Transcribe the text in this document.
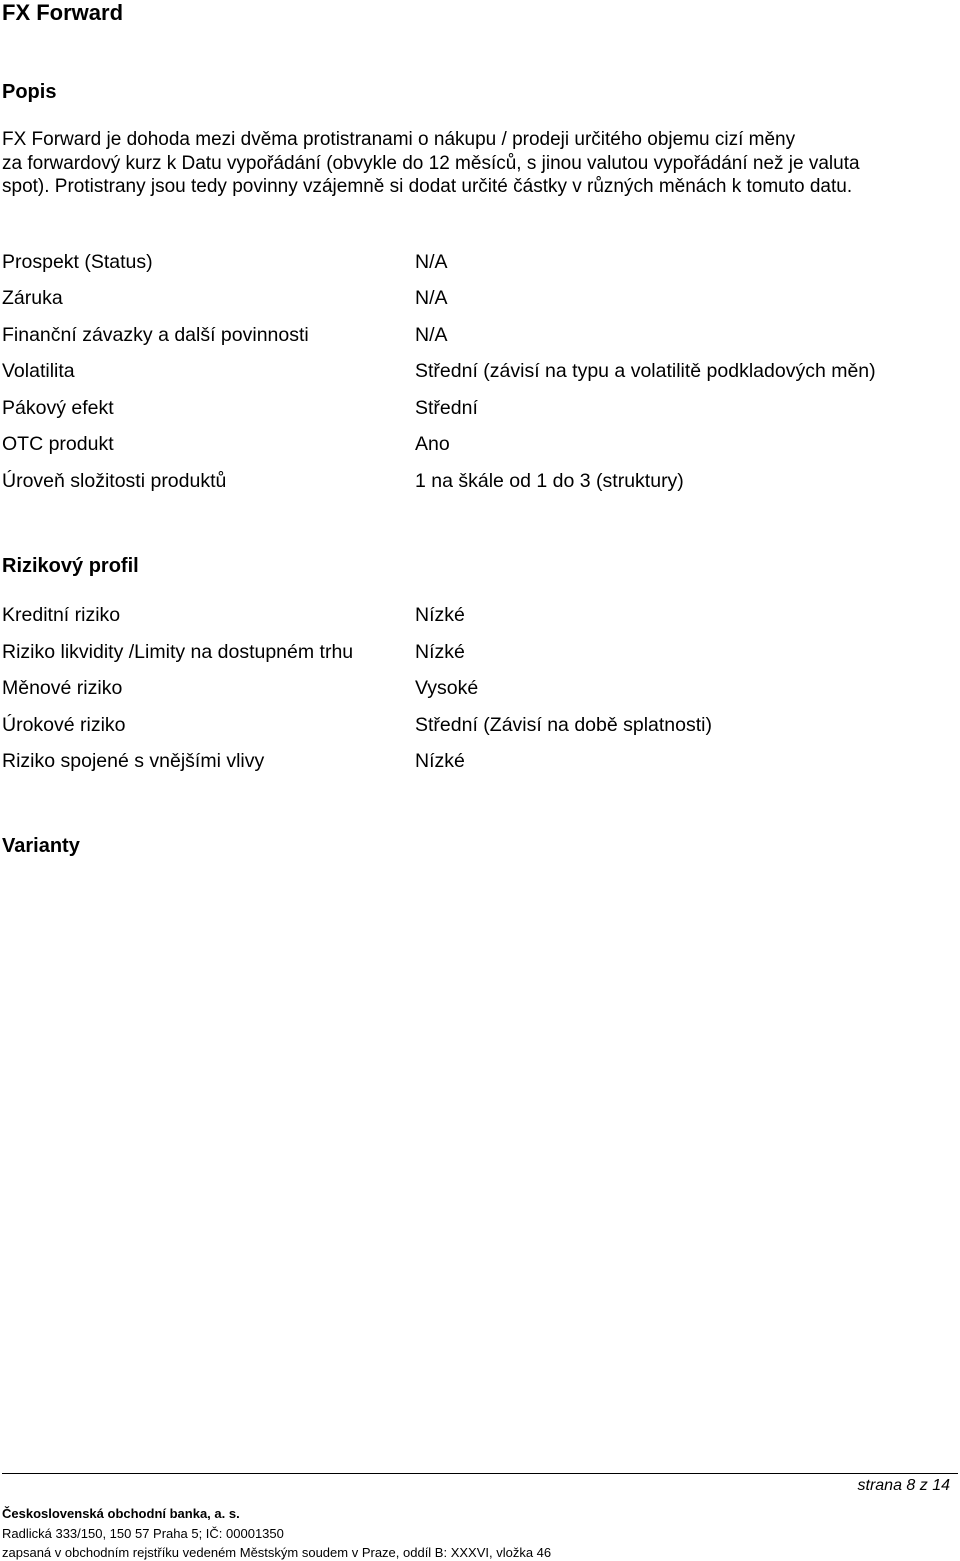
FX Forward
Popis
FX Forward je dohoda mezi dvěma protistranami o nákupu / prodeji určitého objemu cizí měny
za forwardový kurz k Datu vypořádání (obvykle do 12 měsíců, s jinou valutou vypořádání než je valuta
spot). Protistrany jsou tedy povinny vzájemně si dodat určité částky v různých měnách k tomuto datu.
Prospekt (Status)	N/A
Záruka	N/A
Finanční závazky a další povinnosti	N/A
Volatilita	Střední (závisí na typu a volatilitě podkladových měn)
Pákový efekt	Střední
OTC produkt	Ano
Úroveň složitosti produktů	1 na škále od 1 do 3 (struktury)
Rizikový profil
Kreditní riziko	Nízké
Riziko likvidity /Limity na dostupném trhu	Nízké
Měnové riziko	Vysoké
Úrokové riziko	Střední (Závisí na době splatnosti)
Riziko spojené s vnějšími vlivy	Nízké
Varianty
strana 8 z 14
Československá obchodní banka, a. s.
Radlická 333/150, 150 57 Praha 5; IČ: 00001350
zapsaná v obchodním rejstříku vedeném Městským soudem v Praze, oddíl B: XXXVI, vložka 46
